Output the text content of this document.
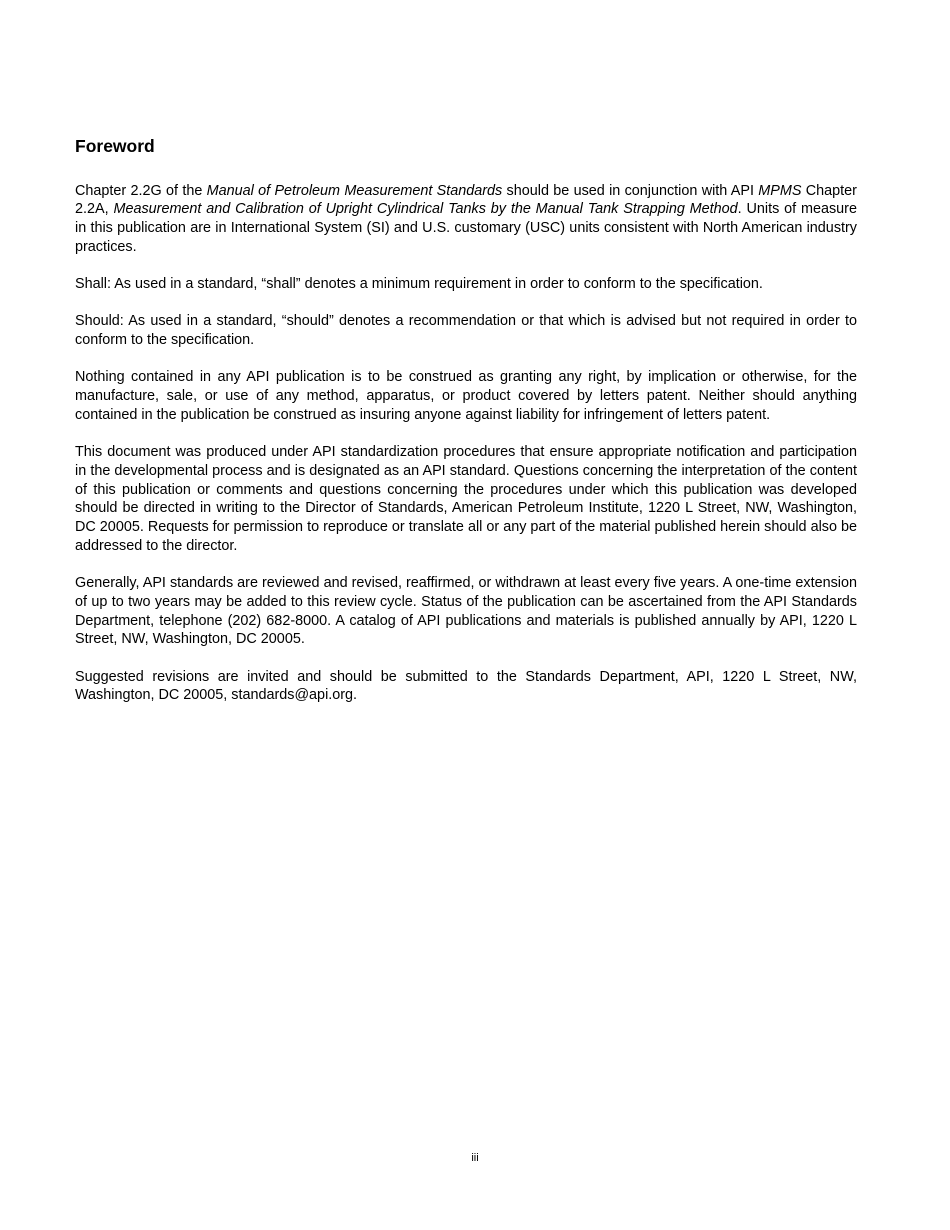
Foreword

Chapter 2.2G of the Manual of Petroleum Measurement Standards should be used in conjunction with API MPMS Chapter 2.2A, Measurement and Calibration of Upright Cylindrical Tanks by the Manual Tank Strapping Method. Units of measure in this publication are in International System (SI) and U.S. customary (USC) units consistent with North American industry practices.

Shall: As used in a standard, “shall” denotes a minimum requirement in order to conform to the specification.

Should: As used in a standard, “should” denotes a recommendation or that which is advised but not required in order to conform to the specification.

Nothing contained in any API publication is to be construed as granting any right, by implication or otherwise, for the manufacture, sale, or use of any method, apparatus, or product covered by letters patent. Neither should anything contained in the publication be construed as insuring anyone against liability for infringement of letters patent.

This document was produced under API standardization procedures that ensure appropriate notification and participation in the developmental process and is designated as an API standard. Questions concerning the interpretation of the content of this publication or comments and questions concerning the procedures under which this publication was developed should be directed in writing to the Director of Standards, American Petroleum Institute, 1220 L Street, NW, Washington, DC 20005. Requests for permission to reproduce or translate all or any part of the material published herein should also be addressed to the director.

Generally, API standards are reviewed and revised, reaffirmed, or withdrawn at least every five years. A one-time extension of up to two years may be added to this review cycle. Status of the publication can be ascertained from the API Standards Department, telephone (202) 682-8000. A catalog of API publications and materials is published annually by API, 1220 L Street, NW, Washington, DC 20005.

Suggested revisions are invited and should be submitted to the Standards Department, API, 1220 L Street, NW, Washington, DC 20005, standards@api.org.

iii
